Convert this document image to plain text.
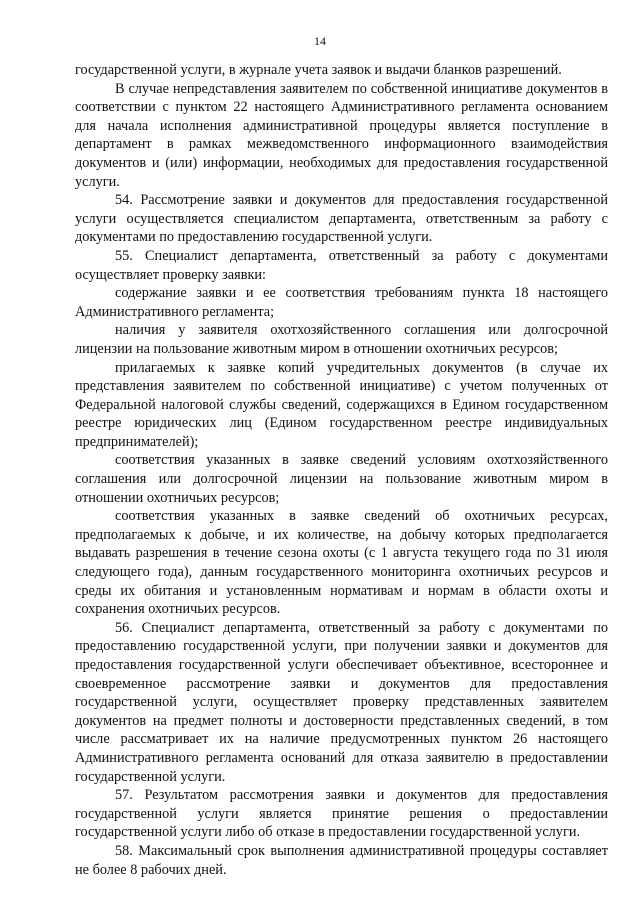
14

государственной услуги, в журнале учета заявок и выдачи бланков разрешений.

В случае непредставления заявителем по собственной инициативе документов в соответствии с пунктом 22 настоящего Административного регламента основанием для начала исполнения административной процедуры является поступление в департамент в рамках межведомственного информационного взаимодействия документов и (или) информации, необходимых для предоставления государственной услуги.

54. Рассмотрение заявки и документов для предоставления государственной услуги осуществляется специалистом департамента, ответственным за работу с документами по предоставлению государственной услуги.

55. Специалист департамента, ответственный за работу с документами осуществляет проверку заявки:

содержание заявки и ее соответствия требованиям пункта 18 настоящего Административного регламента;

наличия у заявителя охотхозяйственного соглашения или долгосрочной лицензии на пользование животным миром в отношении охотничьих ресурсов;

прилагаемых к заявке копий учредительных документов (в случае их представления заявителем по собственной инициативе) с учетом полученных от Федеральной налоговой службы сведений, содержащихся в Едином государственном реестре юридических лиц (Едином государственном реестре индивидуальных предпринимателей);

соответствия указанных в заявке сведений условиям охотхозяйственного соглашения или долгосрочной лицензии на пользование животным миром в отношении охотничьих ресурсов;

соответствия указанных в заявке сведений об охотничьих ресурсах, предполагаемых к добыче, и их количестве, на добычу которых предполагается выдавать разрешения в течение сезона охоты (с 1 августа текущего года по 31 июля следующего года), данным государственного мониторинга охотничьих ресурсов и среды их обитания и установленным нормативам и нормам в области охоты и сохранения охотничьих ресурсов.

56. Специалист департамента, ответственный за работу с документами по предоставлению государственной услуги, при получении заявки и документов для предоставления государственной услуги обеспечивает объективное, всестороннее и своевременное рассмотрение заявки и документов для предоставления государственной услуги, осуществляет проверку представленных заявителем документов на предмет полноты и достоверности представленных сведений, в том числе рассматривает их на наличие предусмотренных пунктом 26 настоящего Административного регламента оснований для отказа заявителю в предоставлении государственной услуги.

57. Результатом рассмотрения заявки и документов для предоставления государственной услуги является принятие решения о предоставлении государственной услуги либо об отказе в предоставлении государственной услуги.

58. Максимальный срок выполнения административной процедуры составляет не более 8 рабочих дней.
